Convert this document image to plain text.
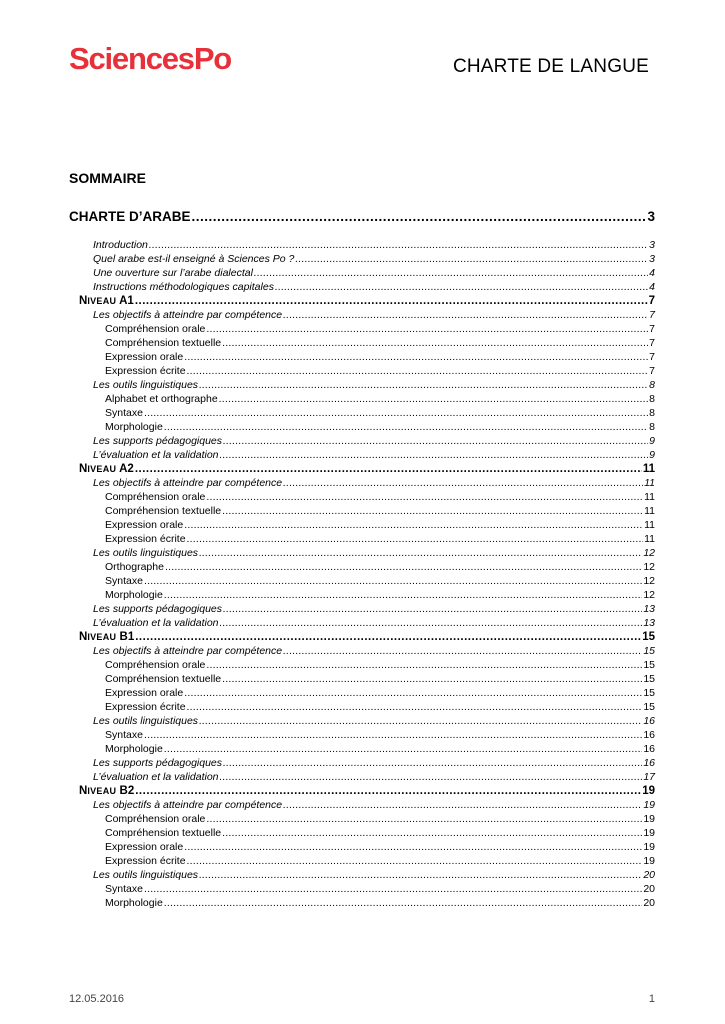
SciencesPo	CHARTE DE LANGUE
SOMMAIRE
CHARTE D’ARABE .....	3
Introduction .....	3
Quel arabe est-il enseigné à Sciences Po ? .....	3
Une ouverture sur l’arabe dialectal .....	4
Instructions méthodologiques capitales .....	4
NIVEAU A1 .....	7
Les objectifs à atteindre par compétence .....	7
Compréhension orale .....	7
Compréhension textuelle .....	7
Expression orale .....	7
Expression écrite .....	7
Les outils linguistiques .....	8
Alphabet et orthographe .....	8
Syntaxe .....	8
Morphologie .....	8
Les supports pédagogiques .....	9
L’évaluation et la validation .....	9
NIVEAU A2 .....	11
Les objectifs à atteindre par compétence .....	11
Compréhension orale .....	11
Compréhension textuelle .....	11
Expression orale .....	11
Expression écrite .....	11
Les outils linguistiques .....	12
Orthographe .....	12
Syntaxe .....	12
Morphologie .....	12
Les supports pédagogiques .....	13
L’évaluation et la validation .....	13
NIVEAU B1 .....	15
Les objectifs à atteindre par compétence .....	15
Compréhension orale .....	15
Compréhension textuelle .....	15
Expression orale .....	15
Expression écrite .....	15
Les outils linguistiques .....	16
Syntaxe .....	16
Morphologie .....	16
Les supports pédagogiques .....	16
L’évaluation et la validation .....	17
NIVEAU B2 .....	19
Les objectifs à atteindre par compétence .....	19
Compréhension orale .....	19
Compréhension textuelle .....	19
Expression orale .....	19
Expression écrite .....	19
Les outils linguistiques .....	20
Syntaxe .....	20
Morphologie .....	20
12.05.2016	1
